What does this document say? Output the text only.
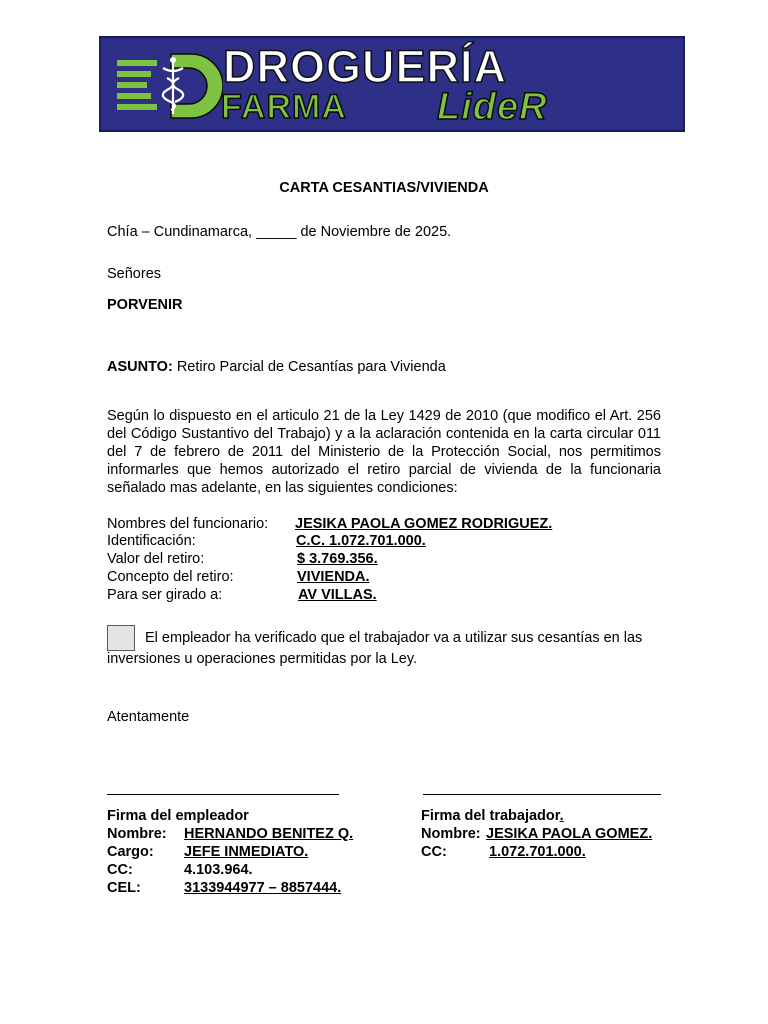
DROGUERÍA
FARMA LideR
CARTA CESANTIAS/VIVIENDA
Chía – Cundinamarca, _____ de Noviembre de 2025.
Señores
PORVENIR
ASUNTO: Retiro Parcial de Cesantías para Vivienda
Según lo dispuesto en el articulo 21 de la Ley 1429 de 2010 (que modifico el Art. 256 del Código Sustantivo del Trabajo) y a la aclaración contenida en la carta circular 011 del 7 de febrero de 2011 del Ministerio de la Protección Social, nos permitimos informarles que hemos autorizado el retiro parcial de vivienda de la funcionaria señalado mas adelante, en las siguientes condiciones:
Nombres del funcionario: JESIKA PAOLA GOMEZ RODRIGUEZ.
Identificación:	C.C. 1.072.701.000.
Valor del retiro:	$ 3.769.356.
Concepto del retiro:	VIVIENDA.
Para ser girado a:	AV VILLAS.
El empleador ha verificado que el trabajador va a utilizar sus cesantías en las
inversiones u operaciones permitidas por la Ley.
Atentamente
Firma del empleador
Nombre: HERNANDO BENITEZ Q.
Cargo: JEFE INMEDIATO.
CC:	4.103.964.
CEL:	3133944977 – 8857444.
Firma del trabajador.
Nombre: JESIKA PAOLA GOMEZ.
CC:	1.072.701.000.
